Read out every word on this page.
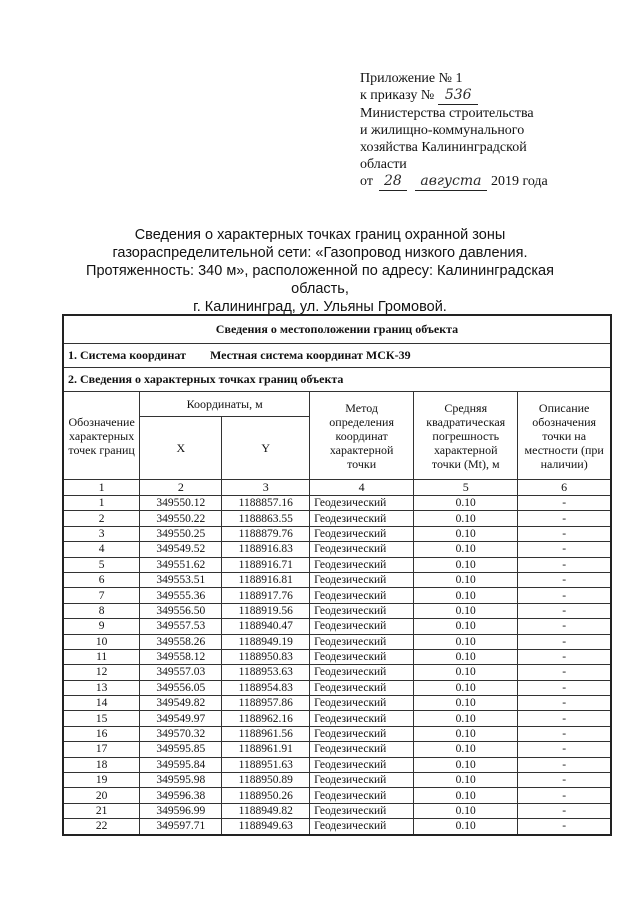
Приложение № 1
к приказу № 536
Министерства строительства
и жилищно-коммунального
хозяйства Калининградской
области
от 28 августа 2019 года
Сведения о характерных точках границ охранной зоны
газораспределительной сети: «Газопровод низкого давления.
Протяженность: 340 м», расположенной по адресу: Калининградская область,
г. Калининград, ул. Ульяны Громовой.
Сведения о местоположении границ объекта					
1. Система координат Местная система координат МСК-39					
2. Сведения о характерных точках границ объекта					
Обозначение характерных точек границ	Координаты, м		Метод определения координат характерной точки	Средняя квадратическая погрешность характерной точки (Mt), м	Описание обозначения точки на местности (при наличии)
	X	Y			
1	2	3	4	5	6
1	349550.12	1188857.16	Геодезический	0.10	-
2	349550.22	1188863.55	Геодезический	0.10	-
3	349550.25	1188879.76	Геодезический	0.10	-
4	349549.52	1188916.83	Геодезический	0.10	-
5	349551.62	1188916.71	Геодезический	0.10	-
6	349553.51	1188916.81	Геодезический	0.10	-
7	349555.36	1188917.76	Геодезический	0.10	-
8	349556.50	1188919.56	Геодезический	0.10	-
9	349557.53	1188940.47	Геодезический	0.10	-
10	349558.26	1188949.19	Геодезический	0.10	-
11	349558.12	1188950.83	Геодезический	0.10	-
12	349557.03	1188953.63	Геодезический	0.10	-
13	349556.05	1188954.83	Геодезический	0.10	-
14	349549.82	1188957.86	Геодезический	0.10	-
15	349549.97	1188962.16	Геодезический	0.10	-
16	349570.32	1188961.56	Геодезический	0.10	-
17	349595.85	1188961.91	Геодезический	0.10	-
18	349595.84	1188951.63	Геодезический	0.10	-
19	349595.98	1188950.89	Геодезический	0.10	-
20	349596.38	1188950.26	Геодезический	0.10	-
21	349596.99	1188949.82	Геодезический	0.10	-
22	349597.71	1188949.63	Геодезический	0.10	-
